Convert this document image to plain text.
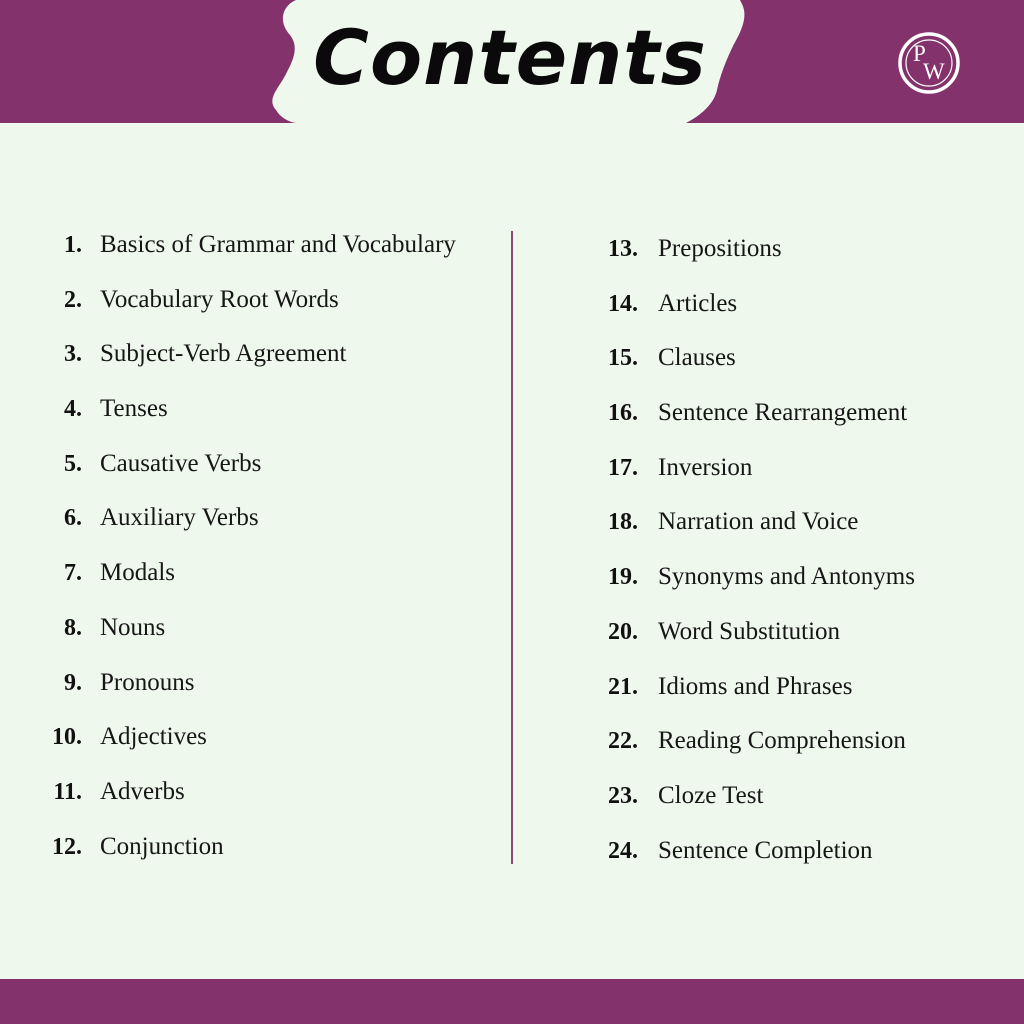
Contents	P
W
1. Basics of Grammar and Vocabulary
2. Vocabulary Root Words
3. Subject-Verb Agreement
4. Tenses
5. Causative Verbs
6. Auxiliary Verbs
7. Modals
8. Nouns
9. Pronouns
10. Adjectives
11. Adverbs
12. Conjunction
13. Prepositions
14. Articles
15. Clauses
16. Sentence Rearrangement
17. Inversion
18. Narration and Voice
19. Synonyms and Antonyms
20. Word Substitution
21. Idioms and Phrases
22. Reading Comprehension
23. Cloze Test
24. Sentence Completion
